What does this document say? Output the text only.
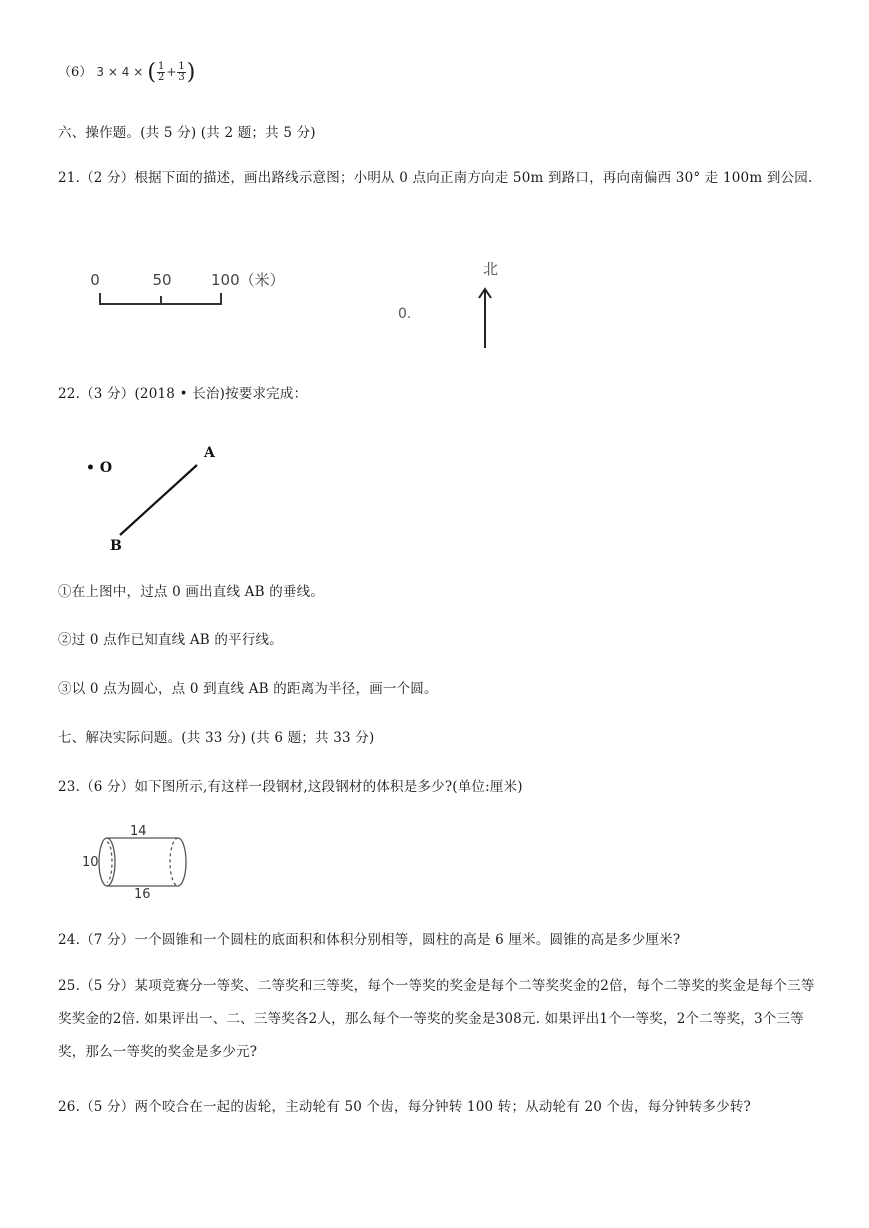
（6） 3 × 4 × ( $\frac{1}{2} + \frac{1}{3}$ )
六、操作题。(共 5 分) (共 2 题；共 5 分)
21.（2 分）根据下面的描述，画出路线示意图；小明从 0 点向正南方向走 50m 到路口，再向南偏西 30° 走 100m 到公园.
0	50	100（米）
0.
北
22.（3 分）(2018 • 长治)按要求完成：
• O
A
B
①在上图中，过点 0 画出直线 AB 的垂线。
②过 0 点作已知直线 AB 的平行线。
③以 0 点为圆心，点 0 到直线 AB 的距离为半径，画一个圆。
七、解决实际问题。(共 33 分) (共 6 题；共 33 分)
23.（6 分）如下图所示,有这样一段钢材,这段钢材的体积是多少?(单位:厘米)
14
10
16
24.（7 分）一个圆锥和一个圆柱的底面积和体积分别相等，圆柱的高是 6 厘米。圆锥的高是多少厘米?
25.（5 分）某项竞赛分一等奖、二等奖和三等奖，每个一等奖的奖金是每个二等奖奖金的2倍，每个二等奖的奖金是每个三等奖奖金的2倍. 如果评出一、二、三等奖各2人，那么每个一等奖的奖金是308元. 如果评出1个一等奖，2个二等奖，3个三等奖，那么一等奖的奖金是多少元?
26.（5 分）两个咬合在一起的齿轮，主动轮有 50 个齿，每分钟转 100 转；从动轮有 20 个齿，每分钟转多少转?
